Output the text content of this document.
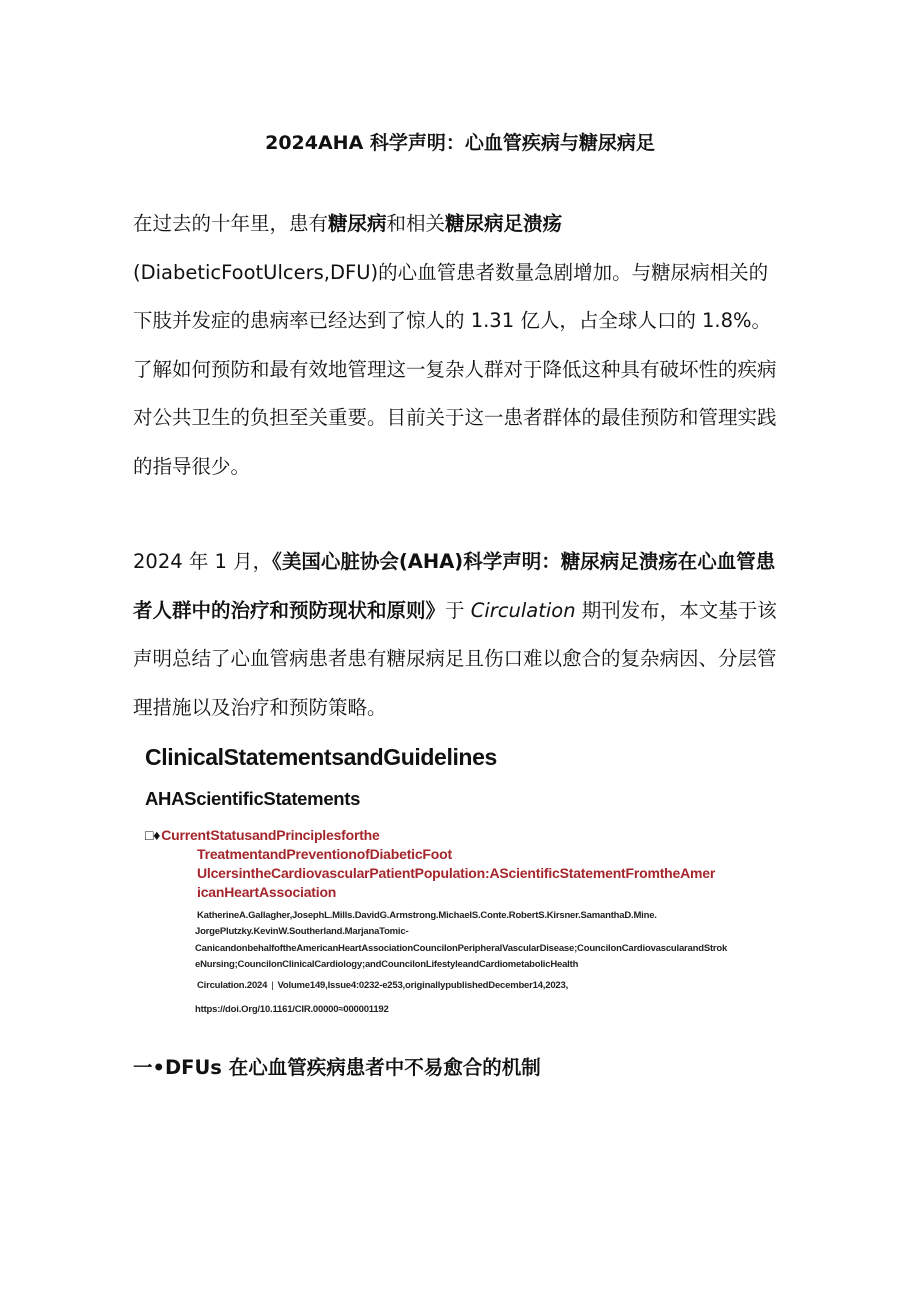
2024AHA 科学声明：心血管疾病与糖尿病足

在过去的十年里，患有糖尿病和相关糖尿病足溃疡(DiabeticFootUlcers,DFU)的心血管患者数量急剧增加。与糖尿病相关的下肢并发症的患病率已经达到了惊人的 1.31 亿人，占全球人口的 1.8%。了解如何预防和最有效地管理这一复杂人群对于降低这种具有破坏性的疾病对公共卫生的负担至关重要。目前关于这一患者群体的最佳预防和管理实践的指导很少。

2024 年 1 月，《美国心脏协会(AHA)科学声明：糖尿病足溃疡在心血管患者人群中的治疗和预防现状和原则》于 Circulation 期刊发布，本文基于该声明总结了心血管病患者患有糖尿病足且伤口难以愈合的复杂病因、分层管理措施以及治疗和预防策略。

ClinicalStatementsandGuidelines
AHAScientificStatements
□♦CurrentStatusandPrinciplesforthe
TreatmentandPreventionofDiabeticFoot
UlcersintheCardiovascularPatientPopulation:AScientificStatementFromtheAmer
icanHeartAssociation
KatherineA.Gallagher,JosephL.Mills.DavidG.Armstrong.MichaelS.Conte.RobertS.Kirsner.SamanthaD.Mine.
JorgePlutzky.KevinW.Southerland.MarjanaTomic-
CanicandonbehalfoftheAmericanHeartAssociationCouncilonPeripheralVascularDisease;CouncilonCardiovascularandStrok
eNursing;CouncilonClinicalCardiology;andCouncilonLifestyleandCardiometabolicHealth
Circulation.2024 | Volume149,Issue4:0232-e253,originallypublishedDecember14,2023,
https://doi.Org/10.1161/CIR.00000≈000001192
一•DFUs 在心血管疾病患者中不易愈合的机制
